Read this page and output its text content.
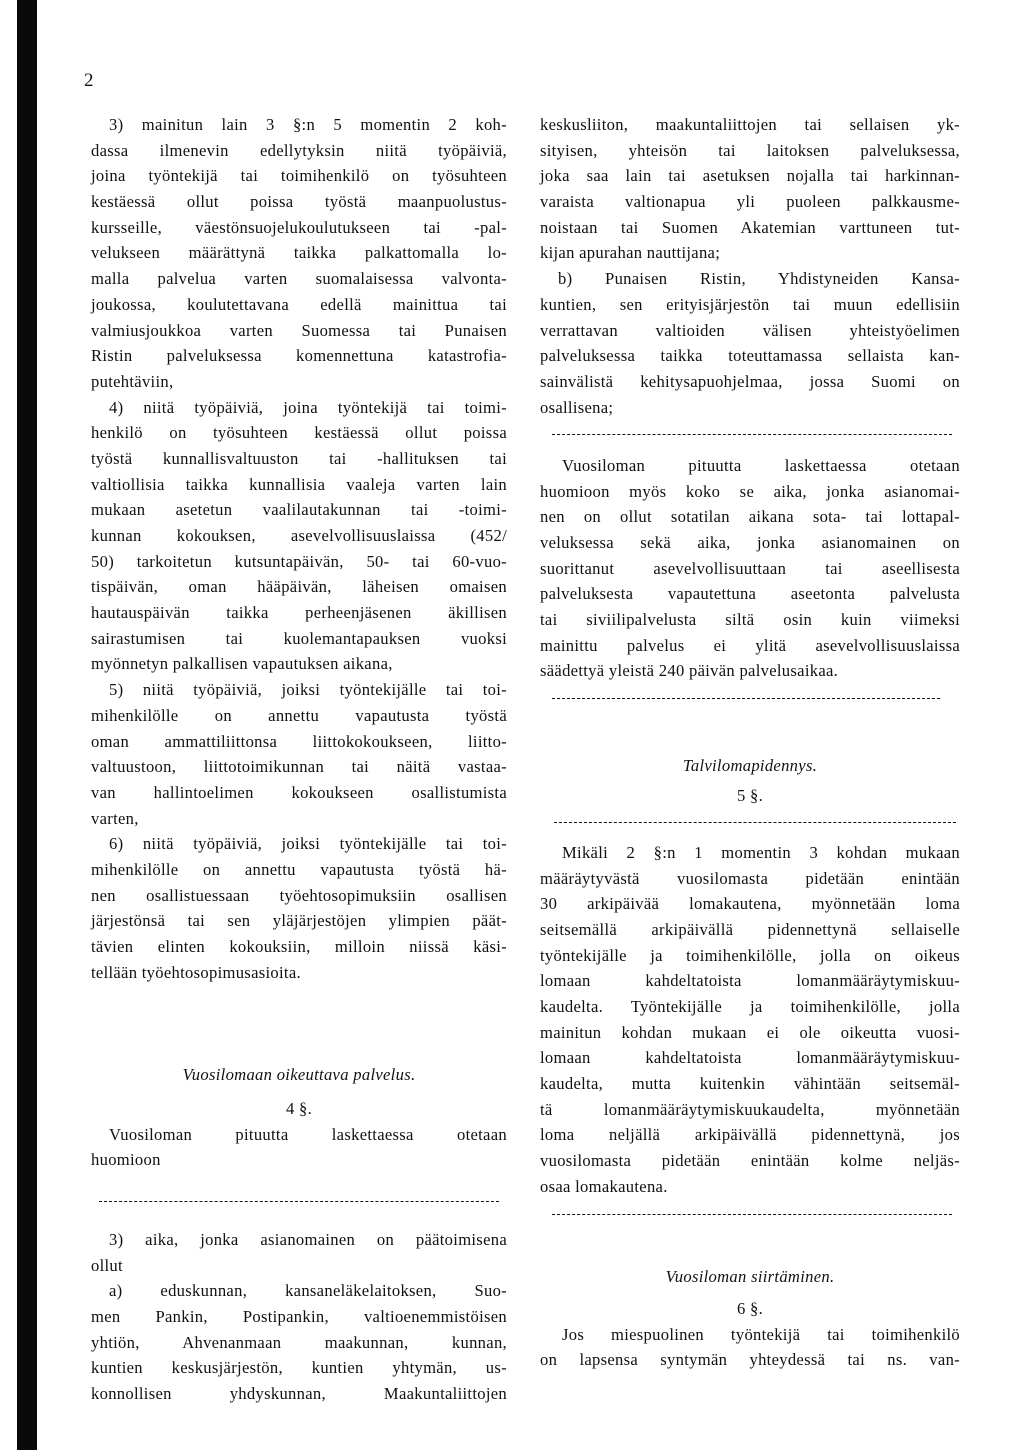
2
3) mainitun lain 3 §:n 5 momentin 2 koh-
dassa ilmenevin edellytyksin niitä työpäiviä,
joina työntekijä tai toimihenkilö on työsuhteen
kestäessä ollut poissa työstä maanpuolustus-
kursseille, väestönsuojelukoulutukseen tai -pal-
velukseen määrättynä taikka palkattomalla lo-
malla palvelua varten suomalaisessa valvonta-
joukossa, koulutettavana edellä mainittua tai
valmiusjoukkoa varten Suomessa tai Punaisen
Ristin palveluksessa komennettuna katastrofia-
putehtäviin,
4) niitä työpäiviä, joina työntekijä tai toimi-
henkilö on työsuhteen kestäessä ollut poissa
työstä kunnallisvaltuuston tai -hallituksen tai
valtiollisia taikka kunnallisia vaaleja varten lain
mukaan asetetun vaalilautakunnan tai -toimi-
kunnan kokouksen, asevelvollisuuslaissa (452/
50) tarkoitetun kutsuntapäivän, 50- tai 60-vuo-
tispäivän, oman hääpäivän, läheisen omaisen
hautauspäivän taikka perheenjäsenen äkillisen
sairastumisen tai kuolemantapauksen vuoksi
myönnetyn palkallisen vapautuksen aikana,
5) niitä työpäiviä, joiksi työntekijälle tai toi-
mihenkilölle on annettu vapautusta työstä
oman ammattiliittonsa liittokokoukseen, liitto-
valtuustoon, liittotoimikunnan tai näitä vastaa-
van hallintoelimen kokoukseen osallistumista
varten,
6) niitä työpäiviä, joiksi työntekijälle tai toi-
mihenkilölle on annettu vapautusta työstä hä-
nen osallistuessaan työehtosopimuksiin osallisen
järjestönsä tai sen yläjärjestöjen ylimpien päät-
tävien elinten kokouksiin, milloin niissä käsi-
tellään työehtosopimusasioita.
Vuosilomaan oikeuttava palvelus.
4 §.
Vuosiloman pituutta laskettaessa otetaan
huomioon
3) aika, jonka asianomainen on päätoimisena
ollut
a) eduskunnan, kansaneläkelaitoksen, Suo-
men Pankin, Postipankin, valtioenemmistöisen
yhtiön, Ahvenanmaan maakunnan, kunnan,
kuntien keskusjärjestön, kuntien yhtymän, us-
konnollisen yhdyskunnan, Maakuntaliittojen
keskusliiton, maakuntaliittojen tai sellaisen yk-
sityisen, yhteisön tai laitoksen palveluksessa,
joka saa lain tai asetuksen nojalla tai harkinnan-
varaista valtionapua yli puoleen palkkausme-
noistaan tai Suomen Akatemian varttuneen tut-
kijan apurahan nauttijana;
b) Punaisen Ristin, Yhdistyneiden Kansa-
kuntien, sen erityisjärjestön tai muun edellisiin
verrattavan valtioiden välisen yhteistyöelimen
palveluksessa taikka toteuttamassa sellaista kan-
sainvälistä kehitysapuohjelmaa, jossa Suomi on
osallisena;
Vuosiloman pituutta laskettaessa otetaan
huomioon myös koko se aika, jonka asianomai-
nen on ollut sotatilan aikana sota- tai lottapal-
veluksessa sekä aika, jonka asianomainen on
suorittanut asevelvollisuuttaan tai aseellisesta
palveluksesta vapautettuna aseetonta palvelusta
tai siviilipalvelusta siltä osin kuin viimeksi
mainittu palvelus ei ylitä asevelvollisuuslaissa
säädettyä yleistä 240 päivän palvelusaikaa.
Talvilomapidennys.
5 §.
Mikäli 2 §:n 1 momentin 3 kohdan mukaan
määräytyvästä vuosilomasta pidetään enintään
30 arkipäivää lomakautena, myönnetään loma
seitsemällä arkipäivällä pidennettynä sellaiselle
työntekijälle ja toimihenkilölle, jolla on oikeus
lomaan kahdeltatoista lomanmääräytymiskuu-
kaudelta. Työntekijälle ja toimihenkilölle, jolla
mainitun kohdan mukaan ei ole oikeutta vuosi-
lomaan kahdeltatoista lomanmääräytymiskuu-
kaudelta, mutta kuitenkin vähintään seitsemäl-
tä lomanmääräytymiskuukaudelta, myönnetään
loma neljällä arkipäivällä pidennettynä, jos
vuosilomasta pidetään enintään kolme neljäs-
osaa lomakautena.
Vuosiloman siirtäminen.
6 §.
Jos miespuolinen työntekijä tai toimihenkilö
on lapsensa syntymän yhteydessä tai ns. van-
